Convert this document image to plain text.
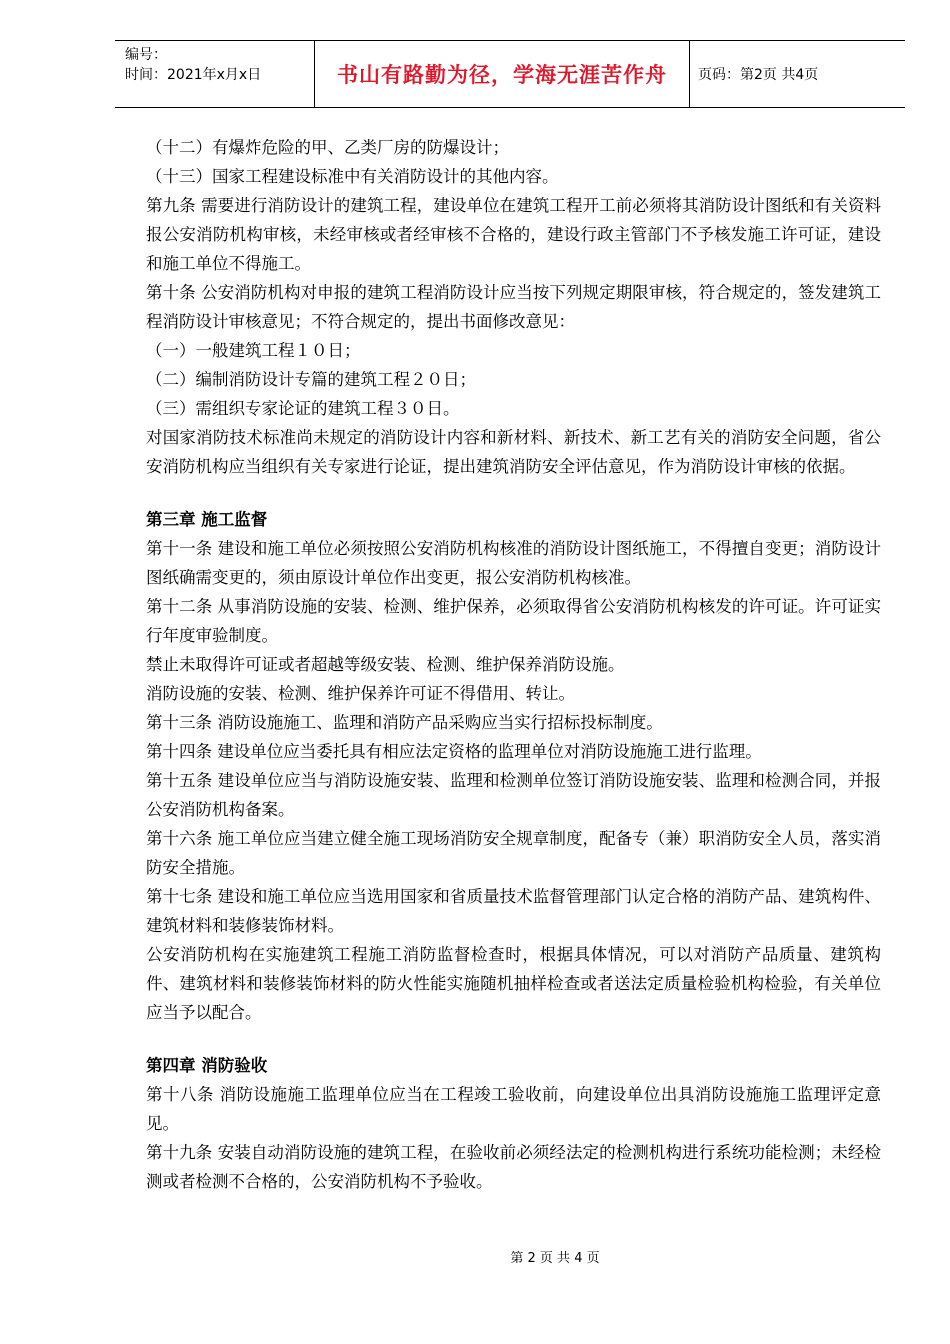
编号：
时间：2021年x月x日	书山有路勤为径，学海无涯苦作舟 页码：第2页 共4页

（十二）有爆炸危险的甲、乙类厂房的防爆设计；

（十三）国家工程建设标准中有关消防设计的其他内容。

第九条 需要进行消防设计的建筑工程，建设单位在建筑工程开工前必须将其消防设计图纸和有关资料报公安消防机构审核，未经审核或者经审核不合格的，建设行政主管部门不予核发施工许可证，建设和施工单位不得施工。

第十条 公安消防机构对申报的建筑工程消防设计应当按下列规定期限审核，符合规定的，签发建筑工程消防设计审核意见；不符合规定的，提出书面修改意见：

（一）一般建筑工程１０日；

（二）编制消防设计专篇的建筑工程２０日；

（三）需组织专家论证的建筑工程３０日。

对国家消防技术标准尚未规定的消防设计内容和新材料、新技术、新工艺有关的消防安全问题，省公安消防机构应当组织有关专家进行论证，提出建筑消防安全评估意见，作为消防设计审核的依据。

第三章 施工监督

第十一条 建设和施工单位必须按照公安消防机构核准的消防设计图纸施工，不得擅自变更；消防设计图纸确需变更的，须由原设计单位作出变更，报公安消防机构核准。

第十二条 从事消防设施的安装、检测、维护保养，必须取得省公安消防机构核发的许可证。许可证实行年度审验制度。

禁止未取得许可证或者超越等级安装、检测、维护保养消防设施。

消防设施的安装、检测、维护保养许可证不得借用、转让。

第十三条 消防设施施工、监理和消防产品采购应当实行招标投标制度。

第十四条 建设单位应当委托具有相应法定资格的监理单位对消防设施施工进行监理。

第十五条 建设单位应当与消防设施安装、监理和检测单位签订消防设施安装、监理和检测合同，并报公安消防机构备案。

第十六条 施工单位应当建立健全施工现场消防安全规章制度，配备专（兼）职消防安全人员，落实消防安全措施。

第十七条 建设和施工单位应当选用国家和省质量技术监督管理部门认定合格的消防产品、建筑构件、建筑材料和装修装饰材料。

公安消防机构在实施建筑工程施工消防监督检查时，根据具体情况，可以对消防产品质量、建筑构件、建筑材料和装修装饰材料的防火性能实施随机抽样检查或者送法定质量检验机构检验，有关单位应当予以配合。

第四章 消防验收

第十八条 消防设施施工监理单位应当在工程竣工验收前，向建设单位出具消防设施施工监理评定意见。

第十九条 安装自动消防设施的建筑工程，在验收前必须经法定的检测机构进行系统功能检测；未经检测或者检测不合格的，公安消防机构不予验收。

第 2 页 共 4 页
